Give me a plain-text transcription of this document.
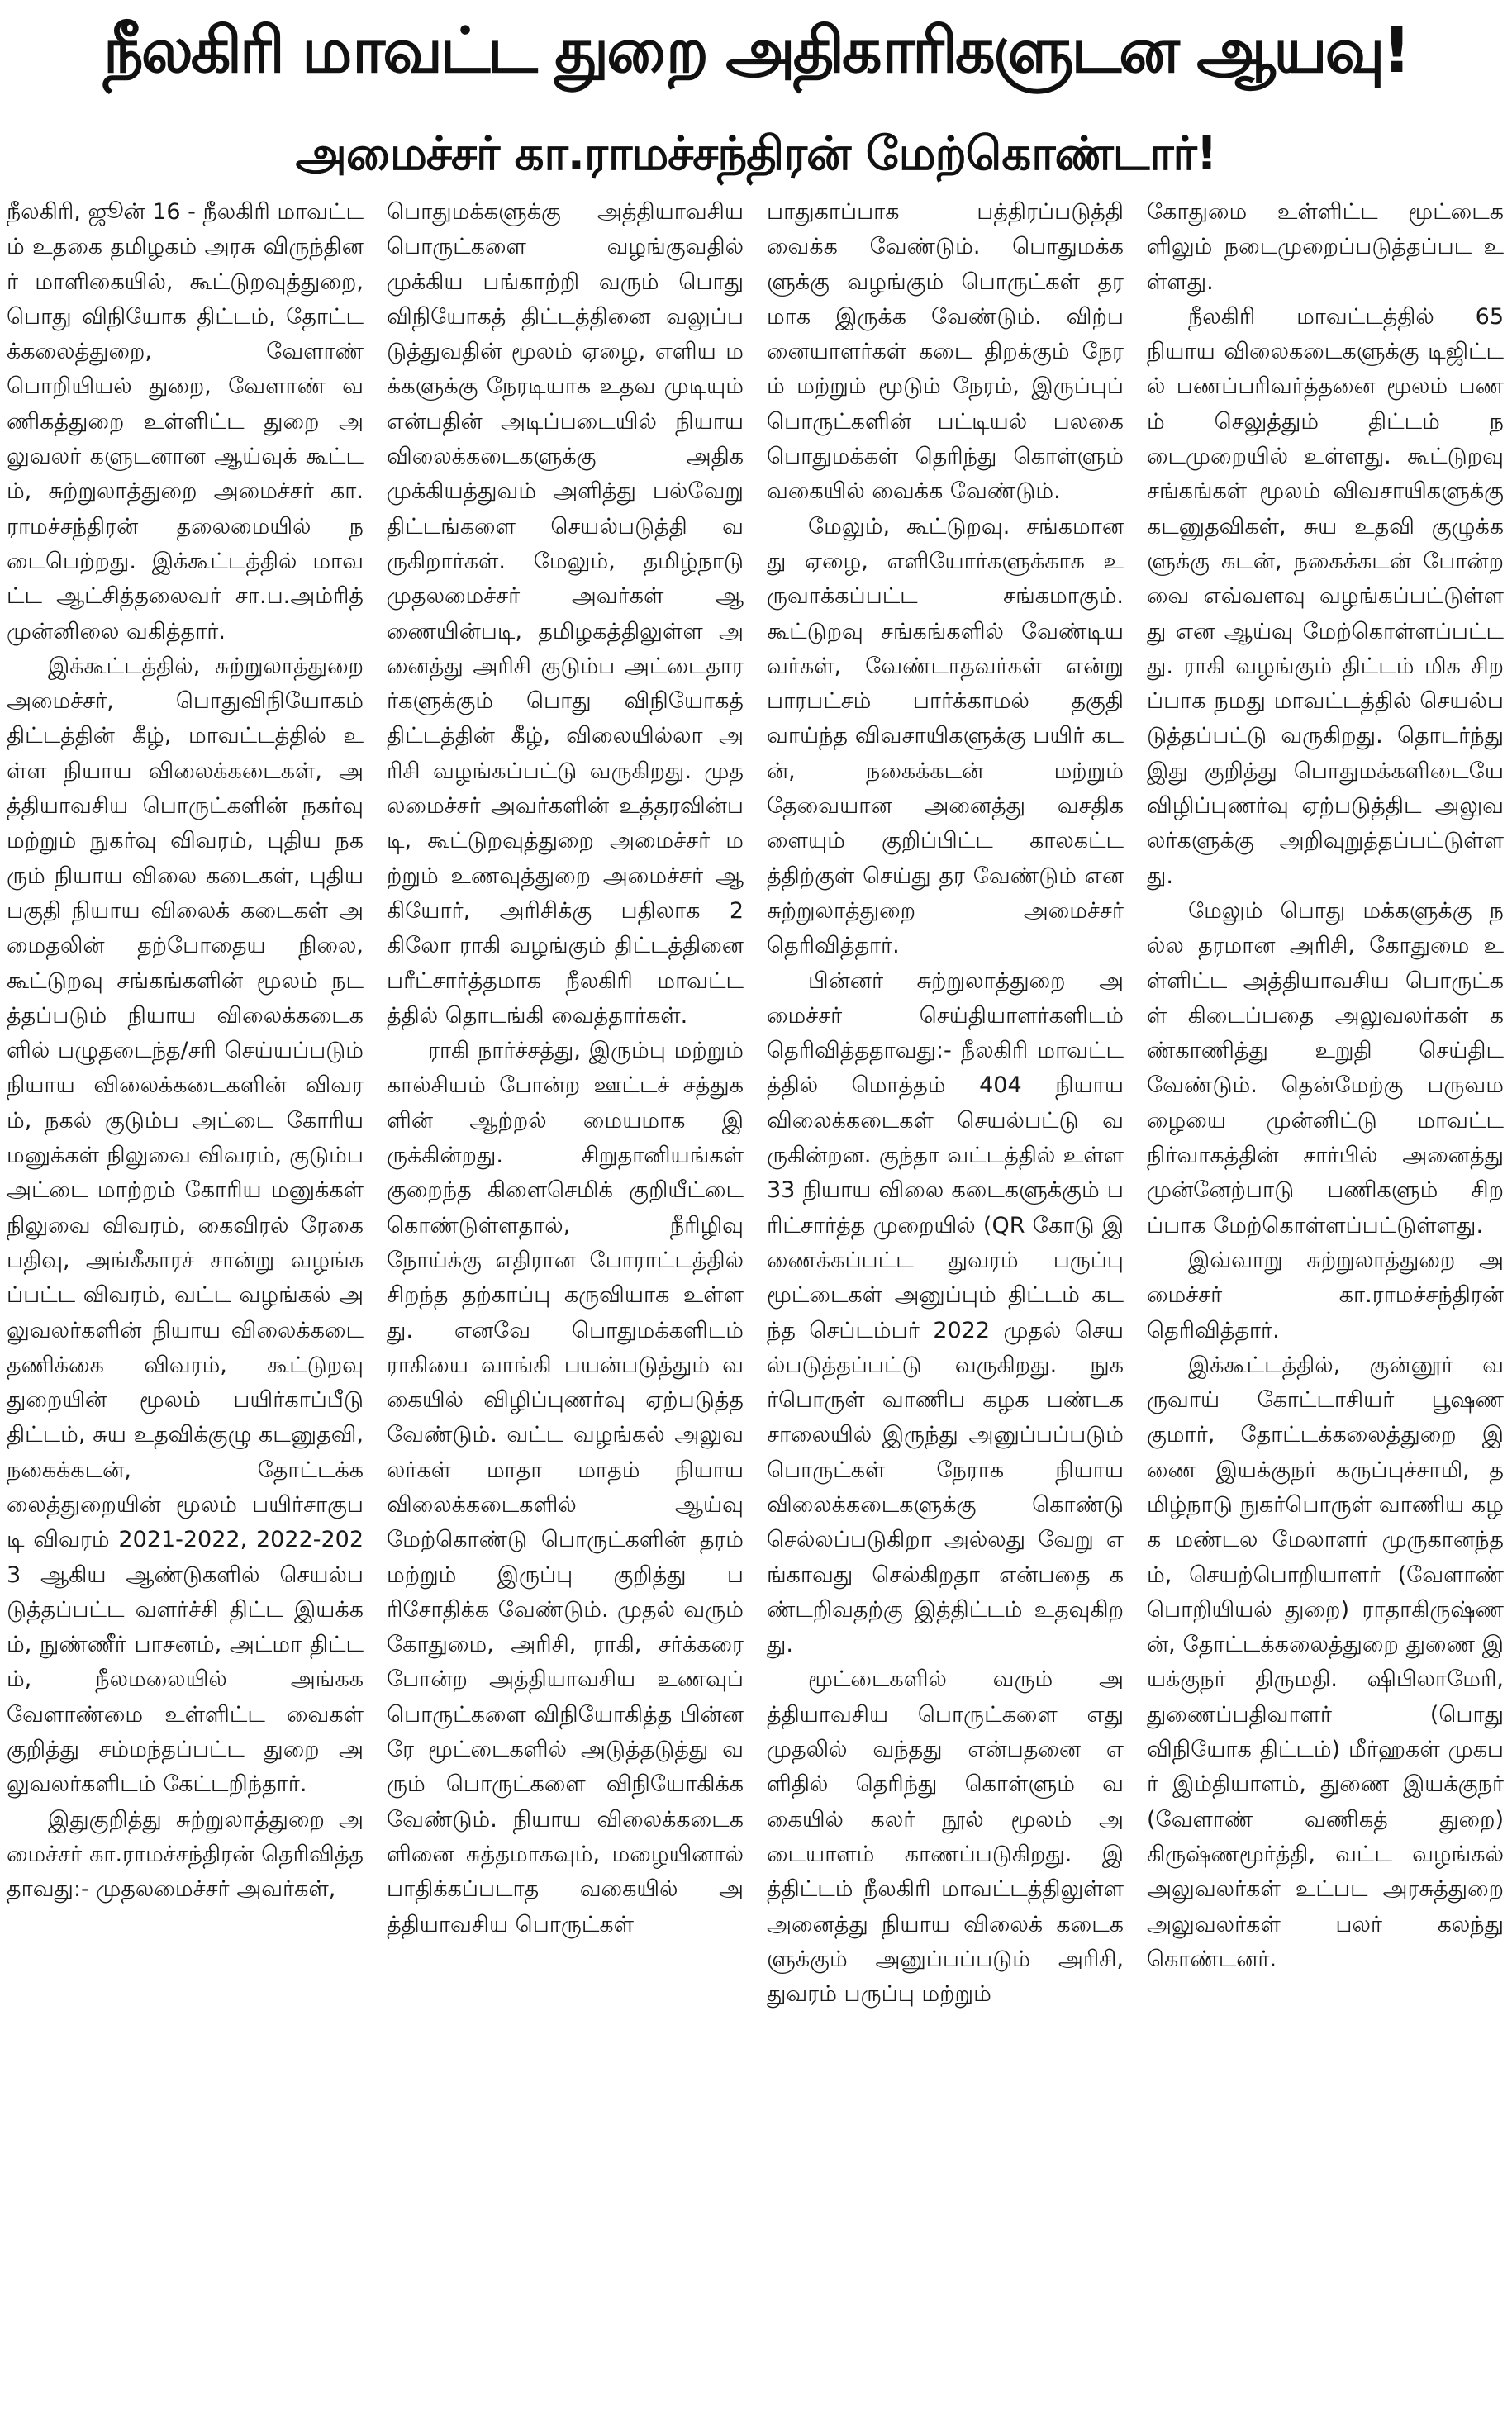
நீலகிரி மாவட்ட துறை அதிகாரிகளுடன ஆயவு!
அமைச்சர் கா.ராமச்சந்திரன் மேற்கொண்டார்!

நீலகிரி, ஜூன் 16 - நீலகிரி மாவட்டம் உதகை தமிழகம் அரசு விருந்தினர் மாளிகையில், கூட்டுறவுத்துறை, பொது விநியோக திட்டம், தோட்டக்கலைத்துறை, வேளாண் பொறியியல் துறை, வேளாண் வணிகத்துறை உள்ளிட்ட துறை அலுவலர் களுடனான ஆய்வுக் கூட்டம், சுற்றுலாத்துறை அமைச்சர் கா.ராமச்சந்திரன் தலைமையில் நடைபெற்றது. இக்கூட்டத்தில் மாவட்ட ஆட்சித்தலைவர் சா.ப.அம்ரித் முன்னிலை வகித்தார்.

இக்கூட்டத்தில், சுற்றுலாத்துறை அமைச்சர், பொதுவிநியோகம் திட்டத்தின் கீழ், மாவட்டத்தில் உள்ள நியாய விலைக்கடைகள், அத்தியாவசிய பொருட்களின் நகர்வு மற்றும் நுகர்வு விவரம், புதிய நகரும் நியாய விலை கடைகள், புதிய பகுதி நியாய விலைக் கடைகள் அமைதலின் தற்போதைய நிலை, கூட்டுறவு சங்கங்களின் மூலம் நடத்தப்படும் நியாய விலைக்கடைகளில் பழுதடைந்த/சரி செய்யப்படும் நியாய விலைக்கடைகளின் விவரம், நகல் குடும்ப அட்டை கோரிய மனுக்கள் நிலுவை விவரம், குடும்ப அட்டை மாற்றம் கோரிய மனுக்கள் நிலுவை விவரம், கைவிரல் ரேகை பதிவு, அங்கீகாரச் சான்று வழங்கப்பட்ட விவரம், வட்ட வழங்கல் அலுவலர்களின் நியாய விலைக்கடை தணிக்கை விவரம், கூட்டுறவு துறையின் மூலம் பயிர்காப்பீடு திட்டம், சுய உதவிக்குழு கடனுதவி, நகைக்கடன், தோட்டக்கலைத்துறையின் மூலம் பயிர்சாகுபடி விவரம் 2021-2022, 2022-2023 ஆகிய ஆண்டுகளில் செயல்படுத்தப்பட்ட வளர்ச்சி திட்ட இயக்கம், நுண்ணீர் பாசனம், அட்மா திட்டம், நீலமலையில் அங்கக வேளாண்மை உள்ளிட்ட வைகள் குறித்து சம்மந்தப்பட்ட துறை அலுவலர்களிடம் கேட்டறிந்தார்.

இதுகுறித்து சுற்றுலாத்துறை அமைச்சர் கா.ராமச்சந்திரன் தெரிவித்ததாவது:- முதலமைச்சர் அவர்கள்,

பொதுமக்களுக்கு அத்தியாவசிய பொருட்களை வழங்குவதில் முக்கிய பங்காற்றி வரும் பொது விநியோகத் திட்டத்தினை வலுப்படுத்துவதின் மூலம் ஏழை, எளிய மக்களுக்கு நேரடியாக உதவ முடியும் என்பதின் அடிப்படையில் நியாய விலைக்கடைகளுக்கு அதிக முக்கியத்துவம் அளித்து பல்வேறு திட்டங்களை செயல்படுத்தி வருகிறார்கள். மேலும், தமிழ்நாடு முதலமைச்சர் அவர்கள் ஆணையின்படி, தமிழகத்திலுள்ள அனைத்து அரிசி குடும்ப அட்டைதாரர்களுக்கும் பொது விநியோகத் திட்டத்தின் கீழ், விலையில்லா அரிசி வழங்கப்பட்டு வருகிறது. முதலமைச்சர் அவர்களின் உத்தரவின்படி, கூட்டுறவுத்துறை அமைச்சர் மற்றும் உணவுத்துறை அமைச்சர் ஆகியோர், அரிசிக்கு பதிலாக 2 கிலோ ராகி வழங்கும் திட்டத்தினை பரீட்சார்த்தமாக நீலகிரி மாவட்டத்தில் தொடங்கி வைத்தார்கள்.

ராகி நார்ச்சத்து, இரும்பு மற்றும் கால்சியம் போன்ற ஊட்டச் சத்துகளின் ஆற்றல் மையமாக இருக்கின்றது. சிறுதானியங்கள் குறைந்த கிளைசெமிக் குறியீட்டை கொண்டுள்ளதால், நீரிழிவு நோய்க்கு எதிரான போராட்டத்தில் சிறந்த தற்காப்பு கருவியாக உள்ளது. எனவே பொதுமக்களிடம் ராகியை வாங்கி பயன்படுத்தும் வகையில் விழிப்புணர்வு ஏற்படுத்த வேண்டும். வட்ட வழங்கல் அலுவலர்கள் மாதா மாதம் நியாயவிலைக்கடைகளில் ஆய்வு மேற்கொண்டு பொருட்களின் தரம் மற்றும் இருப்பு குறித்து பரிசோதிக்க வேண்டும். முதல் வரும் கோதுமை, அரிசி, ராகி, சர்க்கரை போன்ற அத்தியாவசிய உணவுப் பொருட்களை விநியோகித்த பின்னரே மூட்டைகளில் அடுத்தடுத்து வரும் பொருட்களை விநியோகிக்க வேண்டும். நியாய விலைக்கடைகளினை சுத்தமாகவும், மழையினால் பாதிக்கப்படாத வகையில் அத்தியாவசிய பொருட்கள்

பாதுகாப்பாக பத்திரப்படுத்தி வைக்க வேண்டும். பொதுமக்களுக்கு வழங்கும் பொருட்கள் தரமாக இருக்க வேண்டும். விற்பனையாளர்கள் கடை திறக்கும் நேரம் மற்றும் மூடும் நேரம், இருப்புப் பொருட்களின் பட்டியல் பலகை பொதுமக்கள் தெரிந்து கொள்ளும் வகையில் வைக்க வேண்டும்.

மேலும், கூட்டுறவு. சங்கமானது ஏழை, எளியோர்களுக்காக உருவாக்கப்பட்ட சங்கமாகும். கூட்டுறவு சங்கங்களில் வேண்டியவர்கள், வேண்டாதவர்கள் என்று பாரபட்சம் பார்க்காமல் தகுதி வாய்ந்த விவசாயிகளுக்கு பயிர் கடன், நகைக்கடன் மற்றும் தேவையான அனைத்து வசதிகளையும் குறிப்பிட்ட காலகட்டத்திற்குள் செய்து தர வேண்டும் என சுற்றுலாத்துறை அமைச்சர் தெரிவித்தார்.

பின்னர் சுற்றுலாத்துறை அமைச்சர் செய்தியாளர்களிடம் தெரிவித்ததாவது:- நீலகிரி மாவட்டத்தில் மொத்தம் 404 நியாய விலைக்கடைகள் செயல்பட்டு வருகின்றன. குந்தா வட்டத்தில் உள்ள 33 நியாய விலை கடைகளுக்கும் பரிட்சார்த்த முறையில் (QR கோடு இணைக்கப்பட்ட துவரம் பருப்பு மூட்டைகள் அனுப்பும் திட்டம் கடந்த செப்டம்பர் 2022 முதல் செயல்படுத்தப்பட்டு வருகிறது. நுகர்பொருள் வாணிப கழக பண்டகசாலையில் இருந்து அனுப்பப்படும் பொருட்கள் நேராக நியாயவிலைக்கடைகளுக்கு கொண்டு செல்லப்படுகிறா அல்லது வேறு எங்காவது செல்கிறதா என்பதை கண்டறிவதற்கு இத்திட்டம் உதவுகிறது.

மூட்டைகளில் வரும் அத்தியாவசிய பொருட்களை எது முதலில் வந்தது என்பதனை எளிதில் தெரிந்து கொள்ளும் வகையில் கலர் நூல் மூலம் அடையாளம் காணப்படுகிறது. இத்திட்டம் நீலகிரி மாவட்டத்திலுள்ள அனைத்து நியாய விலைக் கடைகளுக்கும் அனுப்பப்படும் அரிசி, துவரம் பருப்பு மற்றும்

கோதுமை உள்ளிட்ட மூட்டைகளிலும் நடைமுறைப்படுத்தப்பட உள்ளது.

நீலகிரி மாவட்டத்தில் 65 நியாய விலைகடைகளுக்கு டிஜிட்டல் பணப்பரிவர்த்தனை மூலம் பணம் செலுத்தும் திட்டம் நடைமுறையில் உள்ளது. கூட்டுறவு சங்கங்கள் மூலம் விவசாயிகளுக்கு கடனுதவிகள், சுய உதவி குழுக்களுக்கு கடன், நகைக்கடன் போன்றவை எவ்வளவு வழங்கப்பட்டுள்ளது என ஆய்வு மேற்கொள்ளப்பட்டது. ராகி வழங்கும் திட்டம் மிக சிறப்பாக நமது மாவட்டத்தில் செயல்படுத்தப்பட்டு வருகிறது. தொடர்ந்து இது குறித்து பொதுமக்களிடையே விழிப்புணர்வு ஏற்படுத்திட அலுவலர்களுக்கு அறிவுறுத்தப்பட்டுள்ளது.

மேலும் பொது மக்களுக்கு நல்ல தரமான அரிசி, கோதுமை உள்ளிட்ட அத்தியாவசிய பொருட்கள் கிடைப்பதை அலுவலர்கள் கண்காணித்து உறுதி செய்திட வேண்டும். தென்மேற்கு பருவமழையை முன்னிட்டு மாவட்ட நிர்வாகத்தின் சார்பில் அனைத்து முன்னேற்பாடு பணிகளும் சிறப்பாக மேற்கொள்ளப்பட்டுள்ளது.

இவ்வாறு சுற்றுலாத்துறை அமைச்சர் கா.ராமச்சந்திரன் தெரிவித்தார்.

இக்கூட்டத்தில், குன்னூர் வருவாய் கோட்டாசியர் பூஷணகுமார், தோட்டக்கலைத்துறை இணை இயக்குநர் கருப்புச்சாமி, தமிழ்நாடு நுகர்பொருள் வாணிய கழக மண்டல மேலாளர் முருகானந்தம், செயற்பொறியாளர் (வேளாண் பொறியியல் துறை) ராதாகிருஷ்ணன், தோட்டக்கலைத்துறை துணை இயக்குநர் திருமதி. ஷிபிலாமேரி, துணைப்பதிவாளர் (பொது விநியோக திட்டம்) மீர்ஹகள் முகபர் இம்தியாளம், துணை இயக்குநர் (வேளாண் வணிகத் துறை) கிருஷ்ணமூர்த்தி, வட்ட வழங்கல் அலுவலர்கள் உட்பட அரசுத்துறை அலுவலர்கள் பலர் கலந்து கொண்டனர்.
